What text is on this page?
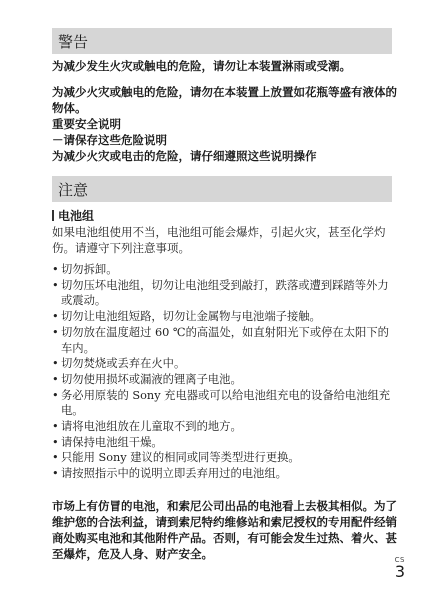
警告
为减少发生火灾或触电的危险，请勿让本装置淋雨或受潮。
为减少火灾或触电的危险，请勿在本装置上放置如花瓶等盛有液体的物体。
重要安全说明
－请保存这些危险说明
为减少火灾或电击的危险，请仔细遵照这些说明操作
注意
电池组
如果电池组使用不当，电池组可能会爆炸，引起火灾，甚至化学灼伤。请遵守下列注意事项。
• 切勿拆卸。
• 切勿压坏电池组，切勿让电池组受到敲打，跌落或遭到踩踏等外力或震动。
• 切勿让电池组短路，切勿让金属物与电池端子接触。
• 切勿放在温度超过 60 ℃的高温处，如直射阳光下或停在太阳下的车内。
• 切勿焚烧或丢弃在火中。
• 切勿使用损坏或漏液的锂离子电池。
• 务必用原装的 Sony 充电器或可以给电池组充电的设备给电池组充电。
• 请将电池组放在儿童取不到的地方。
• 请保持电池组干燥。
• 只能用 Sony 建议的相同或同等类型进行更换。
• 请按照指示中的说明立即丢弃用过的电池组。
市场上有仿冒的电池，和索尼公司出品的电池看上去极其相似。为了维护您的合法利益，请到索尼特约维修站和索尼授权的专用配件经销商处购买电池和其他附件产品。否则，有可能会发生过热、着火、甚至爆炸，危及人身、财产安全。	CS
3
